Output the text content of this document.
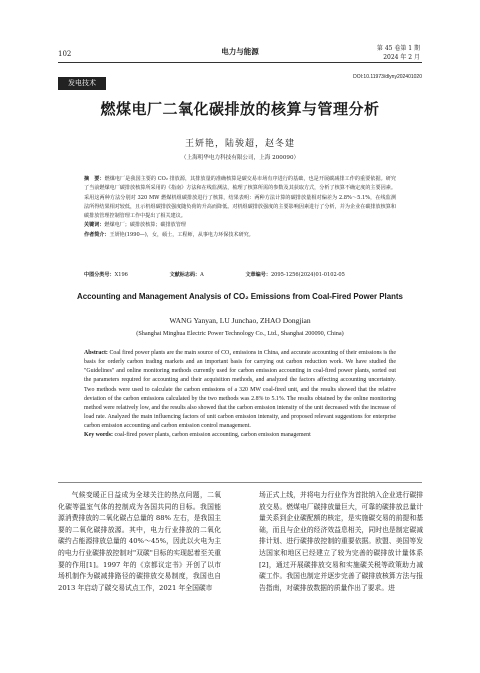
102	电力与能源	第 45 卷第 1 期
2024 年 2 月
发电技术
DOI:10.11973/dlyny202401020
燃煤电厂二氧化碳排放的核算与管理分析
王妍艳，陆骏超，赵冬建
（上海明华电力科技有限公司，上海 200090）
摘　要：燃煤电厂是我国主要的 CO₂ 排放源，其排放量的准确核算是碳交易市场有序进行的基础，也是开展碳减排工作的重要依据。研究了当前燃煤电厂碳排放核算所采用的《指南》方法和在线监测法，梳理了核算所需的参数及其获取方式，分析了核算不确定度的主要因素。采用这两种方法分别对 320 MW 燃煤机组碳排放进行了核算，结果表明：两种方法计算的碳排放量相对偏差为 2.8%～5.1%，在线监测法所得结果相对较低，且示机组碳排放强度随负荷的升高而降低。对机组碳排放强度的主要影响因素进行了分析，并为企业在碳排放核算和碳排放管理控制管理工作中提出了相关建议。
关键词：燃煤电厂；碳排放核算；碳排放管理
作者简介：王妍艳(1990—)，女，硕士，工程师，从事电力环保技术研究。
中图分类号：X196	文献标志码：A	文章编号：2095-1256(2024)01-0102-05
Accounting and Management Analysis of CO₂ Emissions from Coal-Fired Power Plants
WANG Yanyan, LU Junchao, ZHAO Dongjian
(Shanghai Minghua Electric Power Technology Co., Ltd., Shanghai 200090, China)
Abstract: Coal fired power plants are the main source of CO₂ emissions in China, and accurate accounting of their emissions is the basis for orderly carbon trading markets and an important basis for carrying out carbon reduction work. We have studied the "Guidelines" and online monitoring methods currently used for carbon emission accounting in coal-fired power plants, sorted out the parameters required for accounting and their acquisition methods, and analyzed the factors affecting accounting uncertainty. Two methods were used to calculate the carbon emissions of a 320 MW coal-fired unit, and the results showed that the relative deviation of the carbon emissions calculated by the two methods was 2.8% to 5.1%. The results obtained by the online monitoring method were relatively low, and the results also showed that the carbon emission intensity of the unit decreased with the increase of load rate. Analyzed the main influencing factors of unit carbon emission intensity, and proposed relevant suggestions for enterprise carbon emission accounting and carbon emission control management.
Key words: coal-fired power plants, carbon emission accounting, carbon emission management

气候变暖正日益成为全球关注的热点问题，二氧化碳等温室气体的控制成为各国共同的目标。我国能源消费排放的二氧化碳占总量的 88% 左右，是我国主要的二氧化碳排放源。其中，电力行业排放的二氧化碳约占能源排放总量的 40%～45%，因此以火电为主的电力行业碳排放控制对"双碳"目标的实现起着至关重要的作用[1]。1997 年的《京都议定书》开创了以市场机制作为碳减排路径的碳排放交易制度，我国也自 2013 年启动了碳交易试点工作，2021 年全国碳市

场正式上线，并将电力行业作为首批纳入企业进行碳排放交易。燃煤电厂碳排放量巨大，可靠的碳排放总量计量关系到企业碳配额的核定，是实施碳交易的前提和基础，而且与企业的经济效益息相关，同时也是制定碳减排计划、进行碳排放控制的重要依据。欧盟、美国等发达国家和地区已经建立了较为完善的碳排放计量体系[2]，通过开展碳排放交易和实施碳关税等政策助力减碳工作。我国也制定并逐步完善了碳排放核算方法与报告指南，对碳排放数据的质量作出了要求。进
